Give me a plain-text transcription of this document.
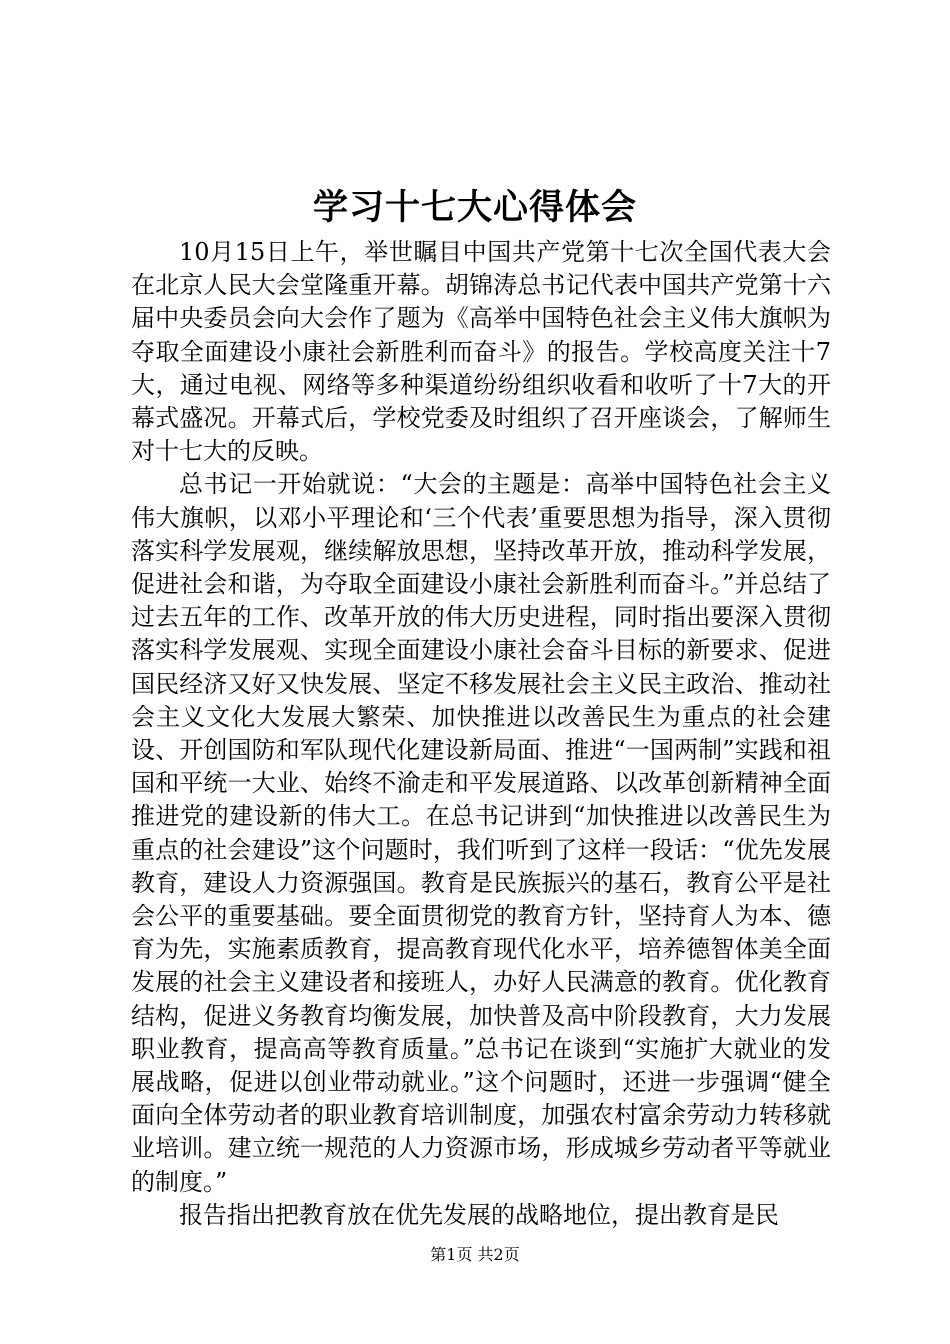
学习十七大心得体会

10月15日上午，举世瞩目中国共产党第十七次全国代表大会在北京人民大会堂隆重开幕。胡锦涛总书记代表中国共产党第十六届中央委员会向大会作了题为《高举中国特色社会主义伟大旗帜为夺取全面建设小康社会新胜利而奋斗》的报告。学校高度关注十7大，通过电视、网络等多种渠道纷纷组织收看和收听了十7大的开幕式盛况。开幕式后，学校党委及时组织了召开座谈会，了解师生对十七大的反映。

总书记一开始就说：“大会的主题是：高举中国特色社会主义伟大旗帜，以邓小平理论和‘三个代表’重要思想为指导，深入贯彻落实科学发展观，继续解放思想，坚持改革开放，推动科学发展，促进社会和谐，为夺取全面建设小康社会新胜利而奋斗。”并总结了过去五年的工作、改革开放的伟大历史进程，同时指出要深入贯彻落实科学发展观、实现全面建设小康社会奋斗目标的新要求、促进国民经济又好又快发展、坚定不移发展社会主义民主政治、推动社会主义文化大发展大繁荣、加快推进以改善民生为重点的社会建设、开创国防和军队现代化建设新局面、推进“一国两制”实践和祖国和平统一大业、始终不渝走和平发展道路、以改革创新精神全面推进党的建设新的伟大工。在总书记讲到“加快推进以改善民生为重点的社会建设”这个问题时，我们听到了这样一段话：“优先发展教育，建设人力资源强国。教育是民族振兴的基石，教育公平是社会公平的重要基础。要全面贯彻党的教育方针，坚持育人为本、德育为先，实施素质教育，提高教育现代化水平，培养德智体美全面发展的社会主义建设者和接班人，办好人民满意的教育。优化教育结构，促进义务教育均衡发展，加快普及高中阶段教育，大力发展职业教育，提高高等教育质量。”总书记在谈到“实施扩大就业的发展战略，促进以创业带动就业。”这个问题时，还进一步强调“健全面向全体劳动者的职业教育培训制度，加强农村富余劳动力转移就业培训。建立统一规范的人力资源市场，形成城乡劳动者平等就业的制度。”

报告指出把教育放在优先发展的战略地位，提出教育是民

第1页 共2页
